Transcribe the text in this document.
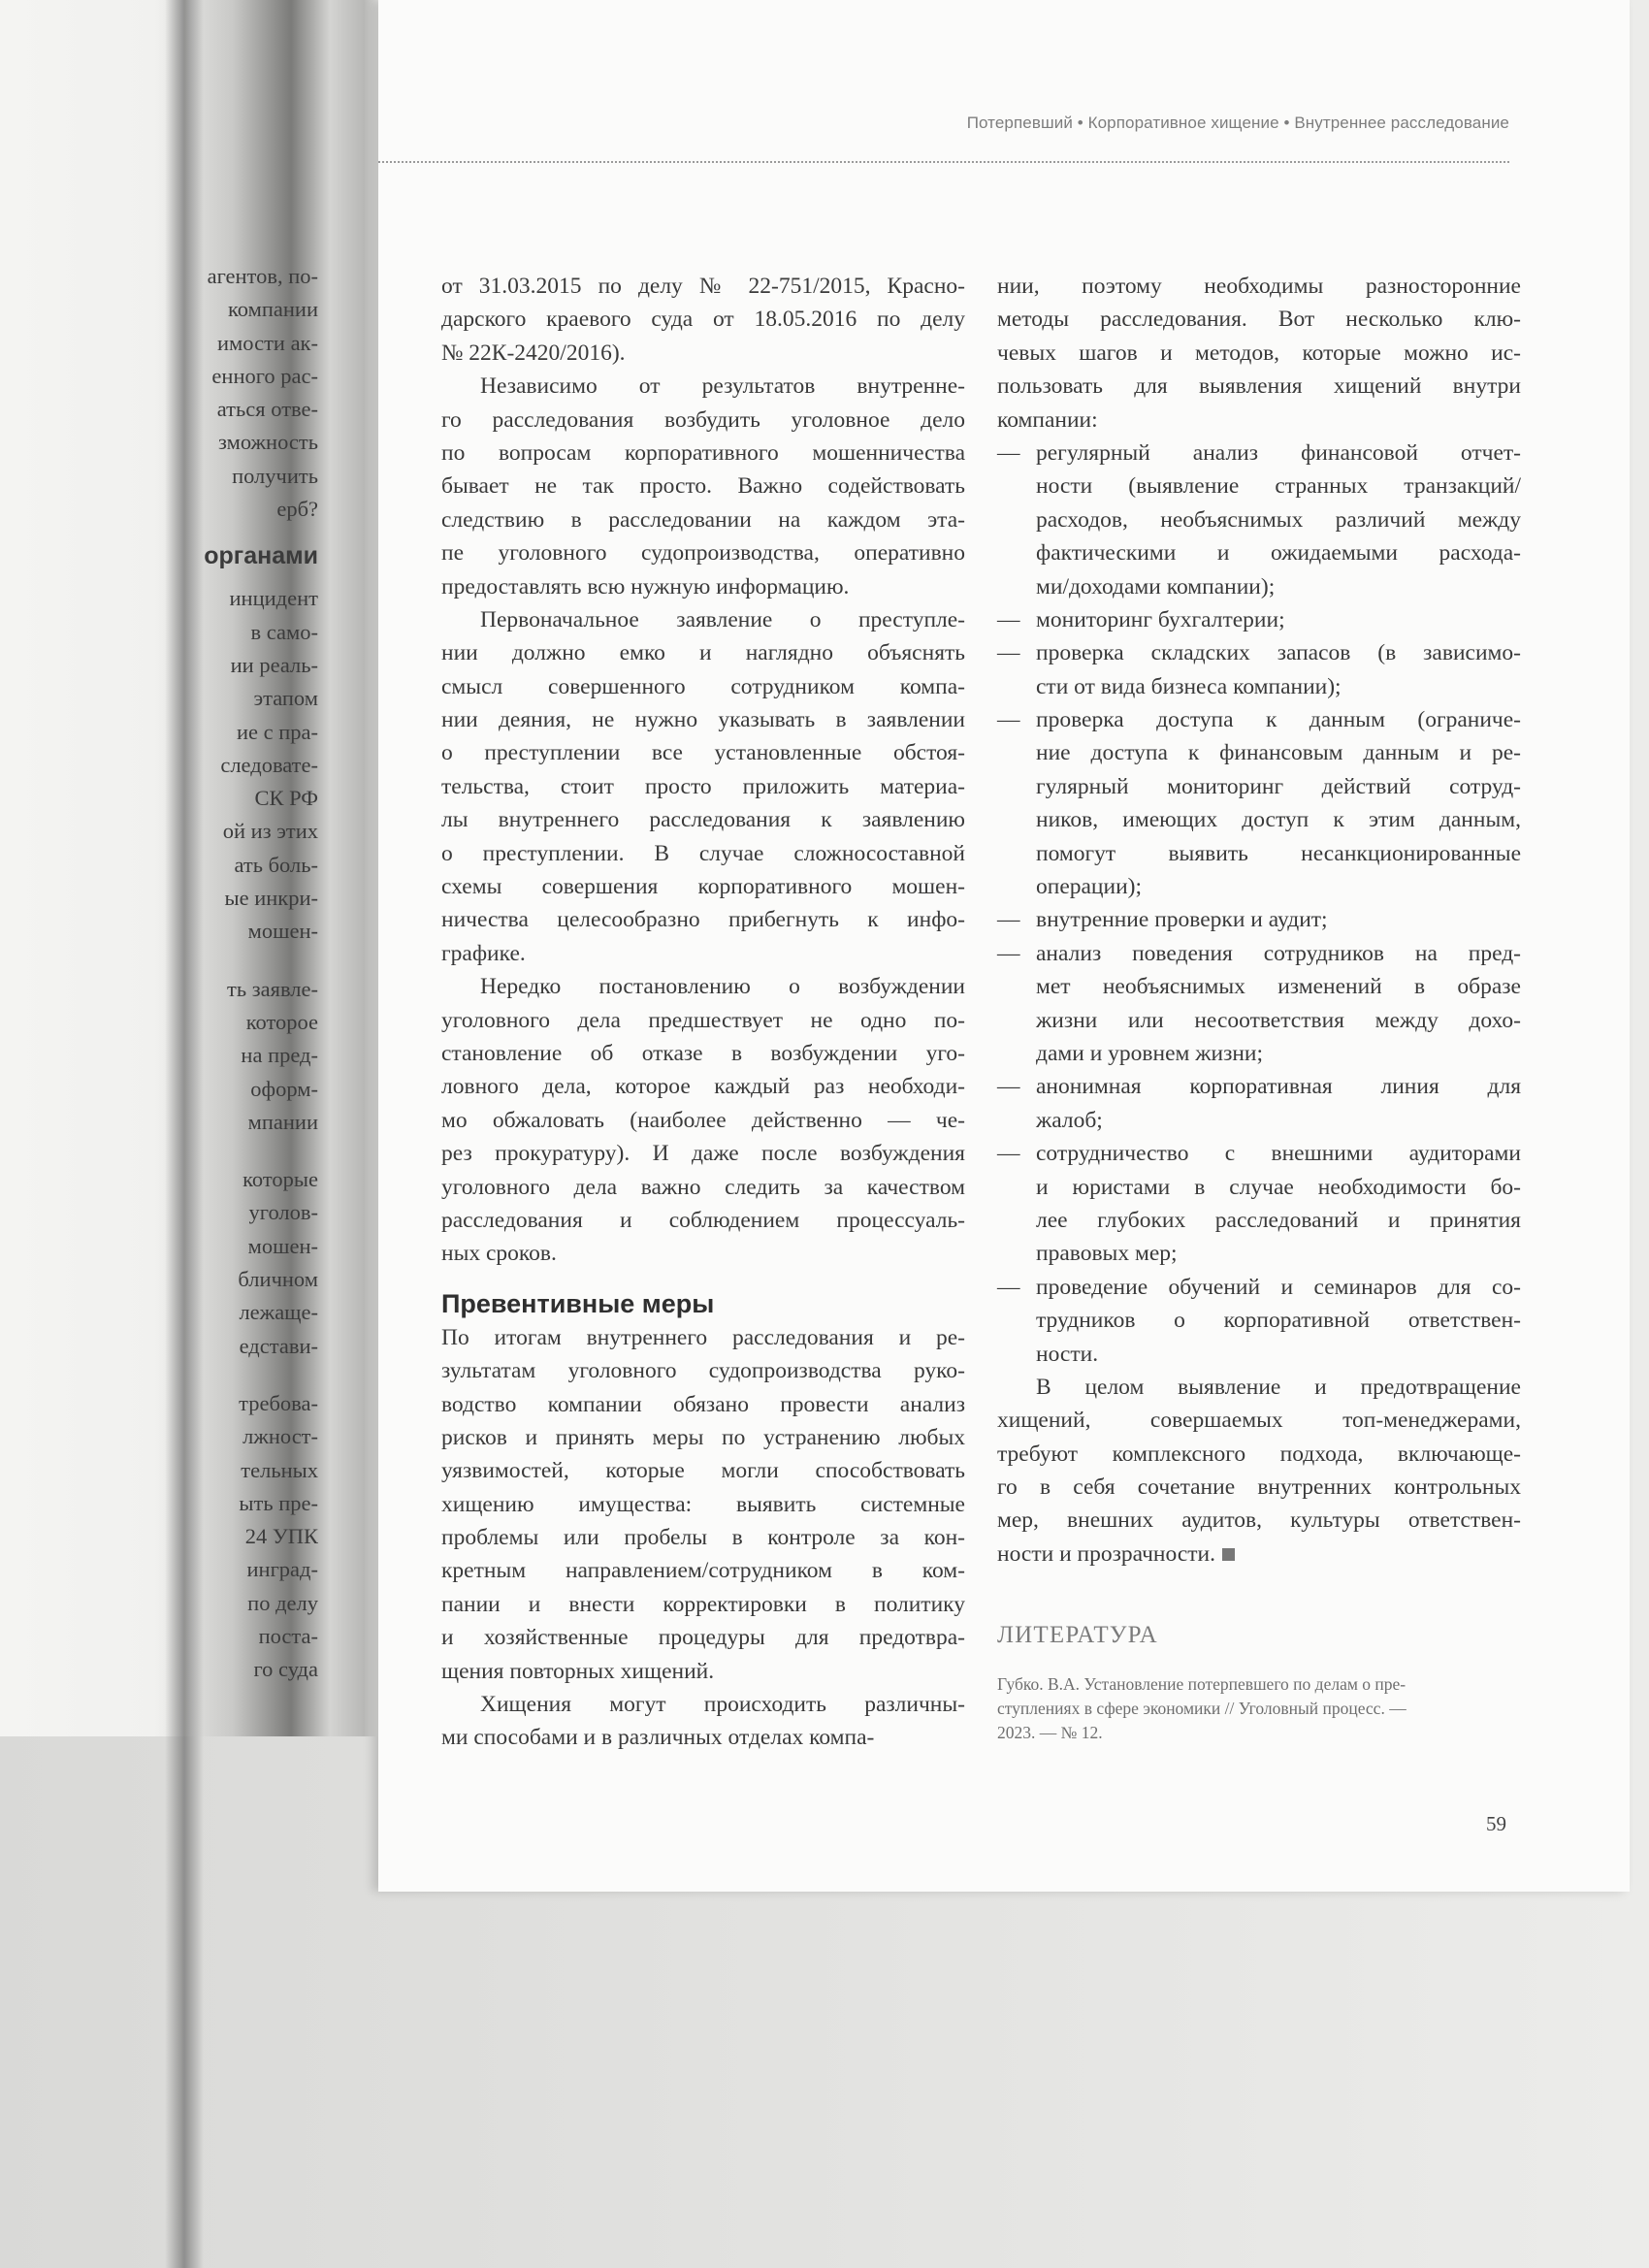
агентов, по-
компании
имости ак-
енного рас-
аться отве-
зможность
получить
ерб?
органами
инцидент
в само-
ии реаль-
этапом
ие с пра-
следовате-
СК РФ
ой из этих
ать боль-
ые инкри-
мошен-
ть заявле-
которое
на пред-
оформ-
мпании
которые
уголов-
мошен-
бличном
лежаще-
едстави-
требова-
лжност-
тельных
ыть пре-
24 УПК
инград-
по делу
поста-
го суда
Потерпевший • Корпоративное хищение • Внутреннее расследование
от 31.03.2015 по делу № 22-751/2015, Красно-
дарского краевого суда от 18.05.2016 по делу
№ 22К-2420/2016).
Независимо от результатов внутренне-
го расследования возбудить уголовное дело
по вопросам корпоративного мошенничества
бывает не так просто. Важно содействовать
следствию в расследовании на каждом эта-
пе уголовного судопроизводства, оперативно
предоставлять всю нужную информацию.
Первоначальное заявление о преступле-
нии должно емко и наглядно объяснять
смысл совершенного сотрудником компа-
нии деяния, не нужно указывать в заявлении
о преступлении все установленные обстоя-
тельства, стоит просто приложить материа-
лы внутреннего расследования к заявлению
о преступлении. В случае сложносоставной
схемы совершения корпоративного мошен-
ничества целесообразно прибегнуть к инфо-
графике.
Нередко постановлению о возбуждении
уголовного дела предшествует не одно по-
становление об отказе в возбуждении уго-
ловного дела, которое каждый раз необходи-
мо обжаловать (наиболее действенно — че-
рез прокуратуру). И даже после возбуждения
уголовного дела важно следить за качеством
расследования и соблюдением процессуаль-
ных сроков.
Превентивные меры
По итогам внутреннего расследования и ре-
зультатам уголовного судопроизводства руко-
водство компании обязано провести анализ
рисков и принять меры по устранению любых
уязвимостей, которые могли способствовать
хищению имущества: выявить системные
проблемы или пробелы в контроле за кон-
кретным направлением/сотрудником в ком-
пании и внести корректировки в политику
и хозяйственные процедуры для предотвра-
щения повторных хищений.
Хищения могут происходить различны-
ми способами и в различных отделах компа-
нии, поэтому необходимы разносторонние
методы расследования. Вот несколько клю-
чевых шагов и методов, которые можно ис-
пользовать для выявления хищений внутри
компании:
— регулярный анализ финансовой отчет-
ности (выявление странных транзакций/
расходов, необъяснимых различий между
фактическими и ожидаемыми расхода-
ми/доходами компании);
— мониторинг бухгалтерии;
— проверка складских запасов (в зависимо-
сти от вида бизнеса компании);
— проверка доступа к данным (ограниче-
ние доступа к финансовым данным и ре-
гулярный мониторинг действий сотруд-
ников, имеющих доступ к этим данным,
помогут выявить несанкционированные
операции);
— внутренние проверки и аудит;
— анализ поведения сотрудников на пред-
мет необъяснимых изменений в образе
жизни или несоответствия между дохо-
дами и уровнем жизни;
— анонимная корпоративная линия для
жалоб;
— сотрудничество с внешними аудиторами
и юристами в случае необходимости бо-
лее глубоких расследований и принятия
правовых мер;
— проведение обучений и семинаров для со-
трудников о корпоративной ответствен-
ности.
В целом выявление и предотвращение
хищений, совершаемых топ-менеджерами,
требуют комплексного подхода, включающе-
го в себя сочетание внутренних контрольных
мер, внешних аудитов, культуры ответствен-
ности и прозрачности.
ЛИТЕРАТУРА
Губко. В.А. Установление потерпевшего по делам о пре-
ступлениях в сфере экономики // Уголовный процесс. —
2023. — № 12.
59
